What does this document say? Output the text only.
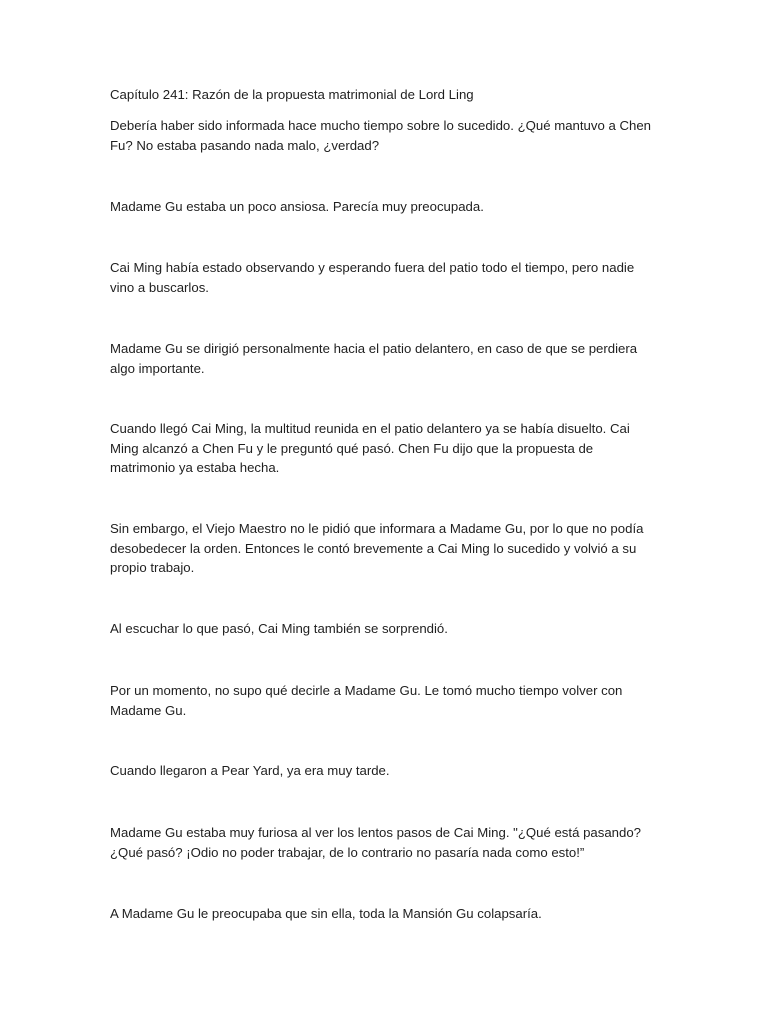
Capítulo 241: Razón de la propuesta matrimonial de Lord Ling

Debería haber sido informada hace mucho tiempo sobre lo sucedido. ¿Qué mantuvo a Chen Fu? No estaba pasando nada malo, ¿verdad?

Madame Gu estaba un poco ansiosa. Parecía muy preocupada.

Cai Ming había estado observando y esperando fuera del patio todo el tiempo, pero nadie vino a buscarlos.

Madame Gu se dirigió personalmente hacia el patio delantero, en caso de que se perdiera algo importante.

Cuando llegó Cai Ming, la multitud reunida en el patio delantero ya se había disuelto. Cai Ming alcanzó a Chen Fu y le preguntó qué pasó. Chen Fu dijo que la propuesta de matrimonio ya estaba hecha.

Sin embargo, el Viejo Maestro no le pidió que informara a Madame Gu, por lo que no podía desobedecer la orden. Entonces le contó brevemente a Cai Ming lo sucedido y volvió a su propio trabajo.

Al escuchar lo que pasó, Cai Ming también se sorprendió.

Por un momento, no supo qué decirle a Madame Gu. Le tomó mucho tiempo volver con Madame Gu.

Cuando llegaron a Pear Yard, ya era muy tarde.

Madame Gu estaba muy furiosa al ver los lentos pasos de Cai Ming. "¿Qué está pasando? ¿Qué pasó? ¡Odio no poder trabajar, de lo contrario no pasaría nada como esto!”

A Madame Gu le preocupaba que sin ella, toda la Mansión Gu colapsaría.
